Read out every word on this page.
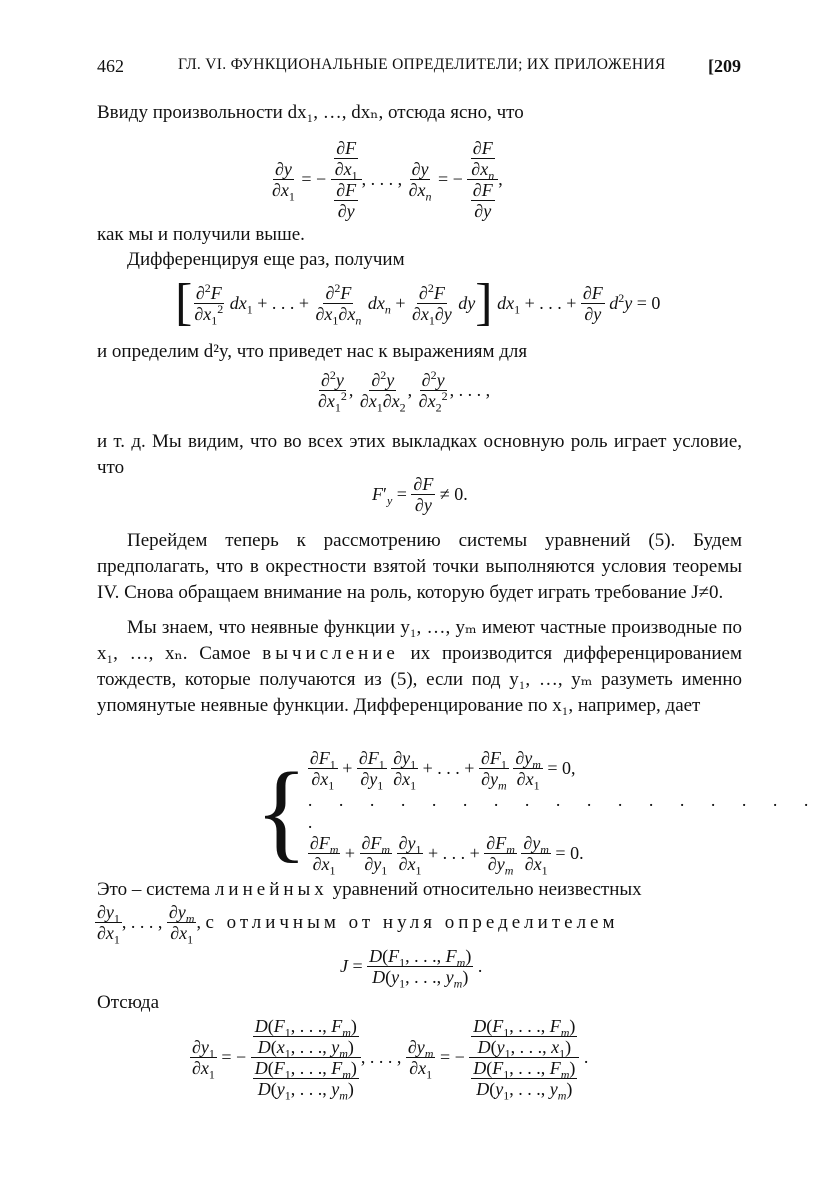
462	ГЛ. VI. ФУНКЦИОНАЛЬНЫЕ ОПРЕДЕЛИТЕЛИ; ИХ ПРИЛОЖЕНИЯ [209
Ввиду произвольности dx₁, …, dxₙ, отсюда ясно, что
$\frac{\partial y}{\partial x_1}$ = − $\frac{\frac{\partial F}{\partial x_1}}{\frac{\partial F}{\partial y}}$ , . . . , $\frac{\partial y}{\partial x_n}$ = − $\frac{\frac{\partial F}{\partial x_n}}{\frac{\partial F}{\partial y}}$ ,
как мы и получили выше.
Дифференцируя еще раз, получим
[ $\frac{\partial^2F}{\partial x_1^2} dx_1$ + . . . + $\frac{\partial^2F}{\partial x_1\partial x_n} dx_n + \frac{\partial^2F}{\partial x_1\partial y}$ dy ] $dx_1$ + . . . + $\frac{\partial F}{\partial y} d^2y = 0$
и определим d²y, что приведет нас к выражениям для
$\frac{\partial^2y}{\partial x_1^2}$ , $\frac{\partial^2y}{\partial x_1\partial x_2}$ , $\frac{\partial^2y}{\partial x_2^2}$ , . . . ,
и т. д. Мы видим, что во всех этих выкладках основную роль играет условие, что
$F'_y = \frac{\partial F}{\partial y} \ne 0$.
Перейдем теперь к рассмотрению системы уравнений (5). Будем предполагать, что в окрестности взятой точки выполняются условия теоремы IV. Снова обращаем внимание на роль, которую будет играть требование J≠0.
Мы знаем, что неявные функции y₁, …, yₘ имеют частные производные по x₁, …, xₙ. Самое вычисление их производится дифференцированием тождеств, которые получаются из (5), если под y₁, …, yₘ разуметь именно упомянутые неявные функции. Дифференцирование по x₁, например, дает
{ $\frac{\partial F_1}{\partial x_1} + \frac{\partial F_1}{\partial y_1}$
$\frac{\partial y_1}{\partial x_1}$ + . . . + $\frac{\partial F_1}{\partial y_m}$
$\frac{\partial y_m}{\partial x_1} = 0$,
. . . . . . . . . . . . . . . . . .
$\frac{\partial F_m}{\partial x_1} + \frac{\partial F_m}{\partial y_1}$
$\frac{\partial y_1}{\partial x_1}$ + . . . + $\frac{\partial F_m}{\partial y_m}$
$\frac{\partial y_m}{\partial x_1} = 0$.
Это – система линейных уравнений относительно неизвестных
$\frac{\partial y_1}{\partial x_1}$ , . . . , $\frac{\partial y_m}{\partial x_1}$ , с отличным от нуля определителем
$J = \frac{D(F_1, . . ., F_m)}{D(y_1, . . ., y_m)}$ .
Отсюда
$\frac{\partial y_1}{\partial x_1}$ = − $\frac{\frac{D(F_1, . . ., F_m)}{D(x_1, . . ., y_m)}}{\frac{D(F_1, . . ., F_m)}{D(y_1, . . ., y_m)}}$ , . . . , $\frac{\partial y_m}{\partial x_1}$ = − $\frac{\frac{D(F_1, . . ., F_m)}{D(y_1, . . ., x_1)}}{\frac{D(F_1, . . ., F_m)}{D(y_1, . . ., y_m)}}$ .
